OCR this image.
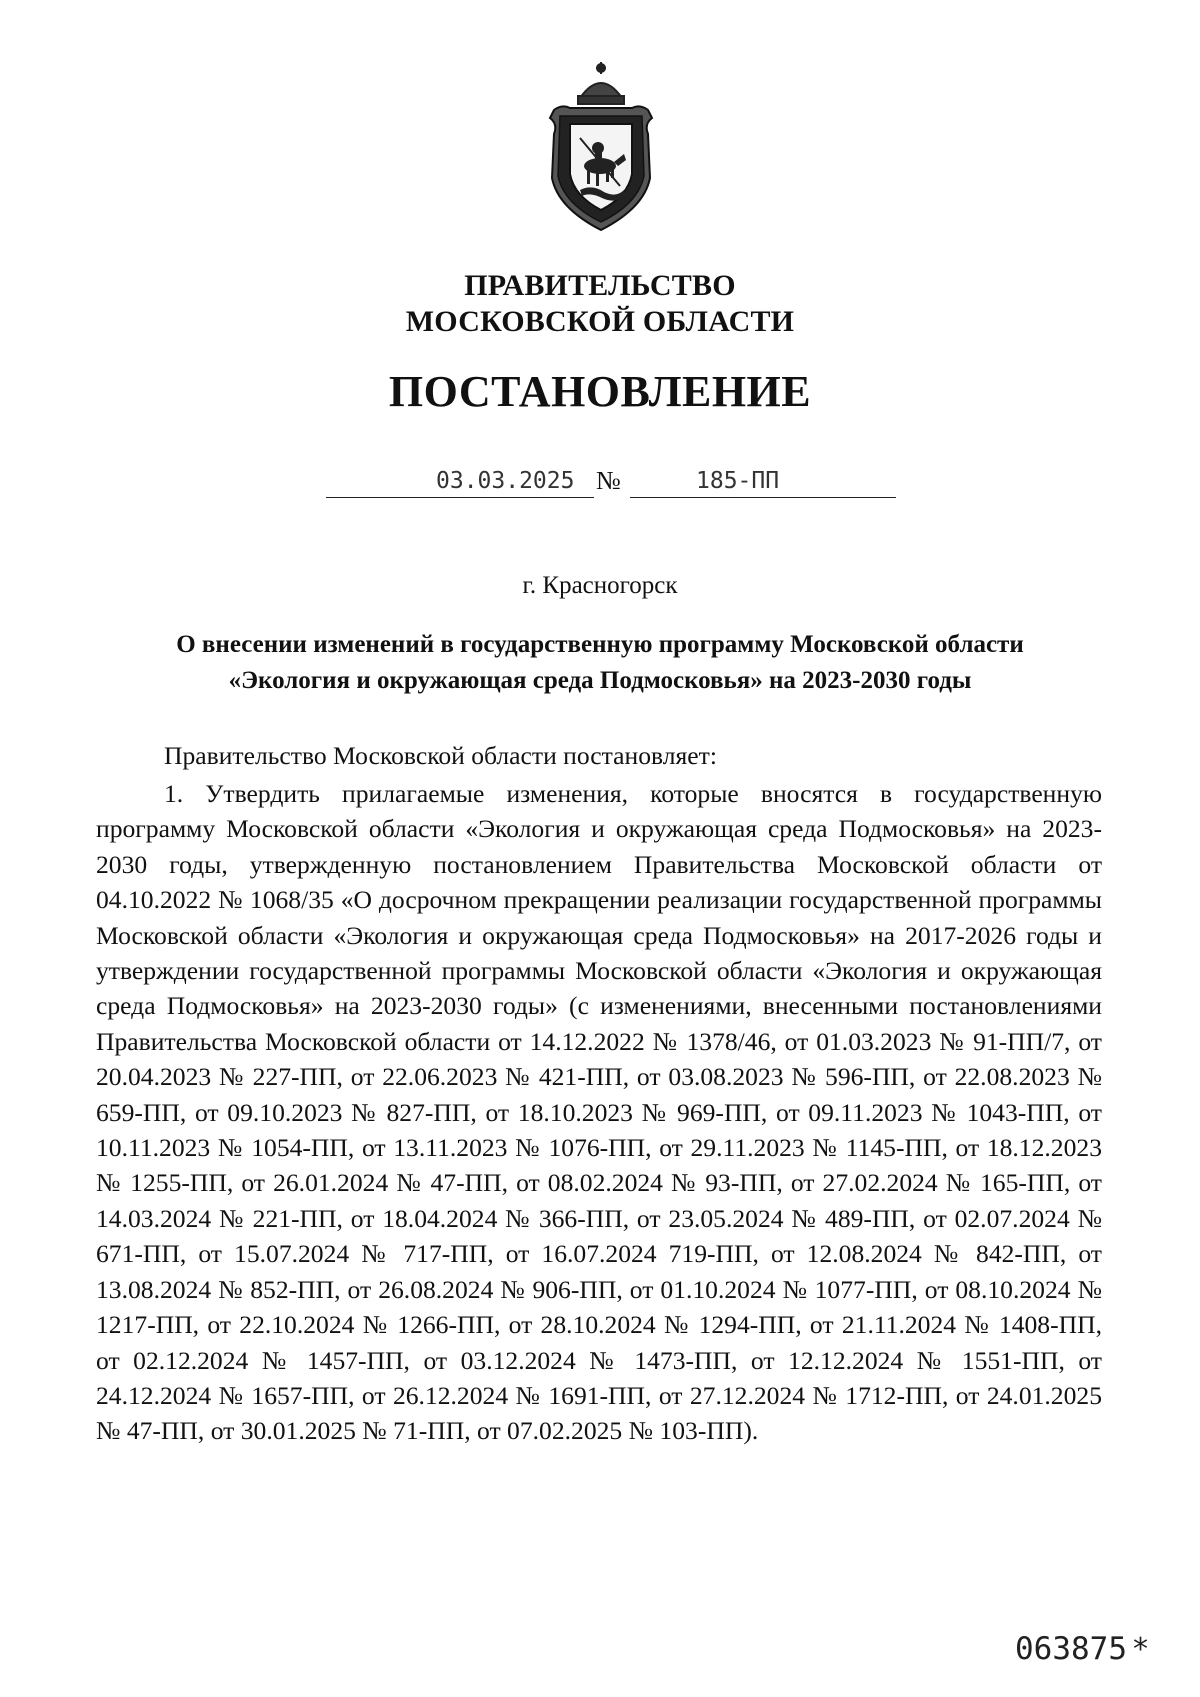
ПРАВИТЕЛЬСТВО
МОСКОВСКОЙ ОБЛАСТИ
ПОСТАНОВЛЕНИЕ
03.03.2025 №	185-ПП
г. Красногорск
О внесении изменений в государственную программу Московской области
«Экология и окружающая среда Подмосковья» на 2023-2030 годы
Правительство Московской области постановляет:
1. Утвердить прилагаемые изменения, которые вносятся в государственную программу Московской области «Экология и окружающая среда Подмосковья» на 2023-2030 годы, утвержденную постановлением Правительства Московской области от 04.10.2022 № 1068/35 «О досрочном прекращении реализации государственной программы Московской области «Экология и окружающая среда Подмосковья» на 2017-2026 годы и утверждении государственной программы Московской области «Экология и окружающая среда Подмосковья» на 2023-2030 годы» (с изменениями, внесенными постановлениями Правительства Московской области от 14.12.2022 № 1378/46, от 01.03.2023 № 91-ПП/7, от 20.04.2023 № 227-ПП, от 22.06.2023 № 421-ПП, от 03.08.2023 № 596-ПП, от 22.08.2023 № 659-ПП, от 09.10.2023 № 827-ПП, от 18.10.2023 № 969-ПП, от 09.11.2023 № 1043-ПП, от 10.11.2023 № 1054-ПП, от 13.11.2023 № 1076-ПП, от 29.11.2023 № 1145-ПП, от 18.12.2023 № 1255-ПП, от 26.01.2024 № 47-ПП, от 08.02.2024 № 93-ПП, от 27.02.2024 № 165-ПП, от 14.03.2024 № 221-ПП, от 18.04.2024 № 366-ПП, от 23.05.2024 № 489-ПП, от 02.07.2024 № 671-ПП, от 15.07.2024 № 717-ПП, от 16.07.2024 719-ПП, от 12.08.2024 № 842-ПП, от 13.08.2024 № 852-ПП, от 26.08.2024 № 906-ПП, от 01.10.2024 № 1077-ПП, от 08.10.2024 № 1217-ПП, от 22.10.2024 № 1266-ПП, от 28.10.2024 № 1294-ПП, от 21.11.2024 № 1408-ПП, от 02.12.2024 № 1457-ПП, от 03.12.2024 № 1473-ПП, от 12.12.2024 № 1551-ПП, от 24.12.2024 № 1657-ПП, от 26.12.2024 № 1691-ПП, от 27.12.2024 № 1712-ПП, от 24.01.2025 № 47-ПП, от 30.01.2025 № 71-ПП, от 07.02.2025 № 103-ПП).
063875 *
